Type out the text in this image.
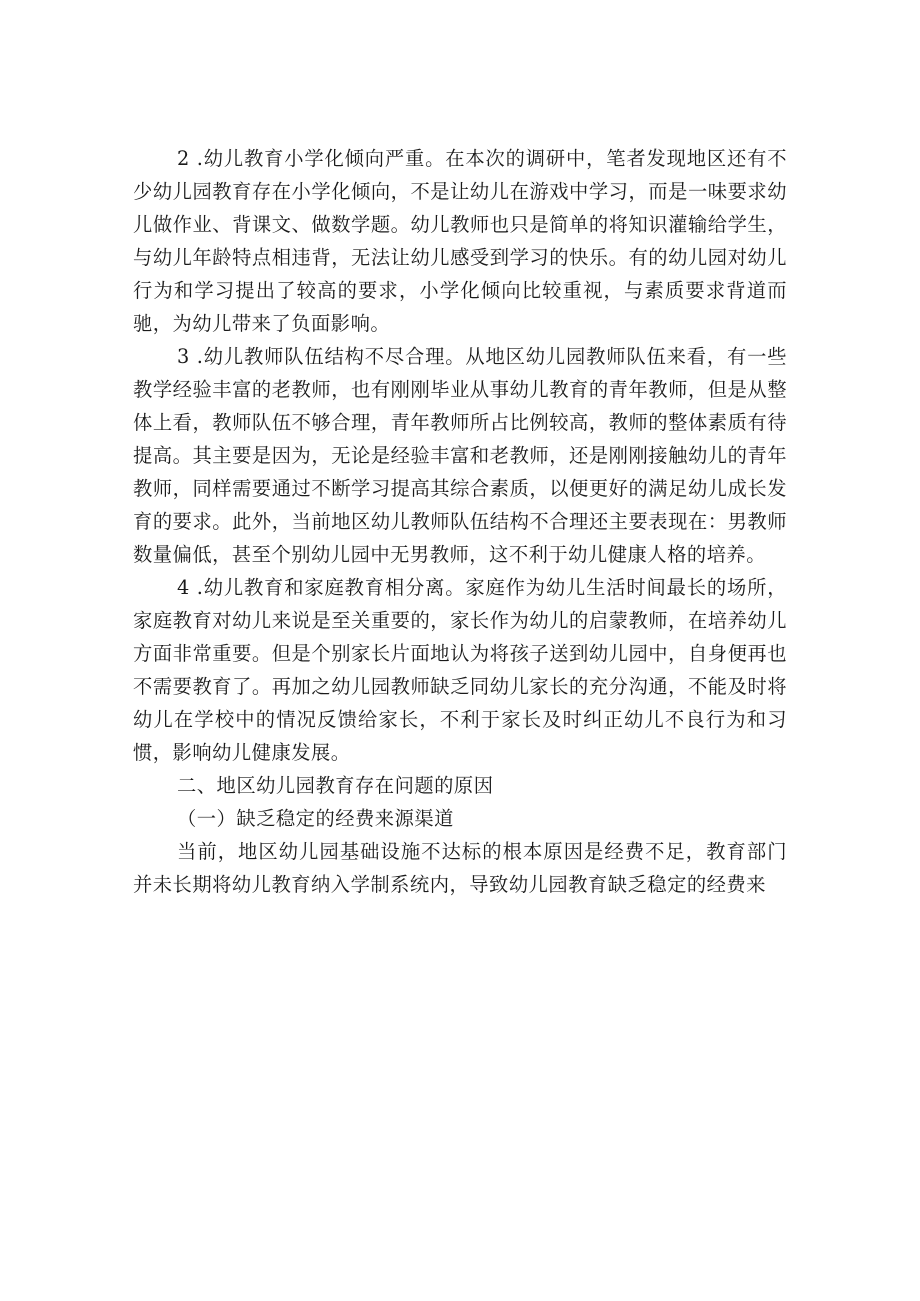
2 .幼儿教育小学化倾向严重。在本次的调研中，笔者发现地区还有不少幼儿园教育存在小学化倾向，不是让幼儿在游戏中学习，而是一味要求幼儿做作业、背课文、做数学题。幼儿教师也只是简单的将知识灌输给学生，与幼儿年龄特点相违背，无法让幼儿感受到学习的快乐。有的幼儿园对幼儿行为和学习提出了较高的要求，小学化倾向比较重视，与素质要求背道而驰，为幼儿带来了负面影响。

3 .幼儿教师队伍结构不尽合理。从地区幼儿园教师队伍来看，有一些教学经验丰富的老教师，也有刚刚毕业从事幼儿教育的青年教师，但是从整体上看，教师队伍不够合理，青年教师所占比例较高，教师的整体素质有待提高。其主要是因为，无论是经验丰富和老教师，还是刚刚接触幼儿的青年教师，同样需要通过不断学习提高其综合素质，以便更好的满足幼儿成长发育的要求。此外，当前地区幼儿教师队伍结构不合理还主要表现在：男教师数量偏低，甚至个别幼儿园中无男教师，这不利于幼儿健康人格的培养。

4 .幼儿教育和家庭教育相分离。家庭作为幼儿生活时间最长的场所，家庭教育对幼儿来说是至关重要的，家长作为幼儿的启蒙教师，在培养幼儿方面非常重要。但是个别家长片面地认为将孩子送到幼儿园中，自身便再也不需要教育了。再加之幼儿园教师缺乏同幼儿家长的充分沟通，不能及时将幼儿在学校中的情况反馈给家长，不利于家长及时纠正幼儿不良行为和习惯，影响幼儿健康发展。

二、地区幼儿园教育存在问题的原因

（一）缺乏稳定的经费来源渠道

当前，地区幼儿园基础设施不达标的根本原因是经费不足，教育部门并未长期将幼儿教育纳入学制系统内，导致幼儿园教育缺乏稳定的经费来
